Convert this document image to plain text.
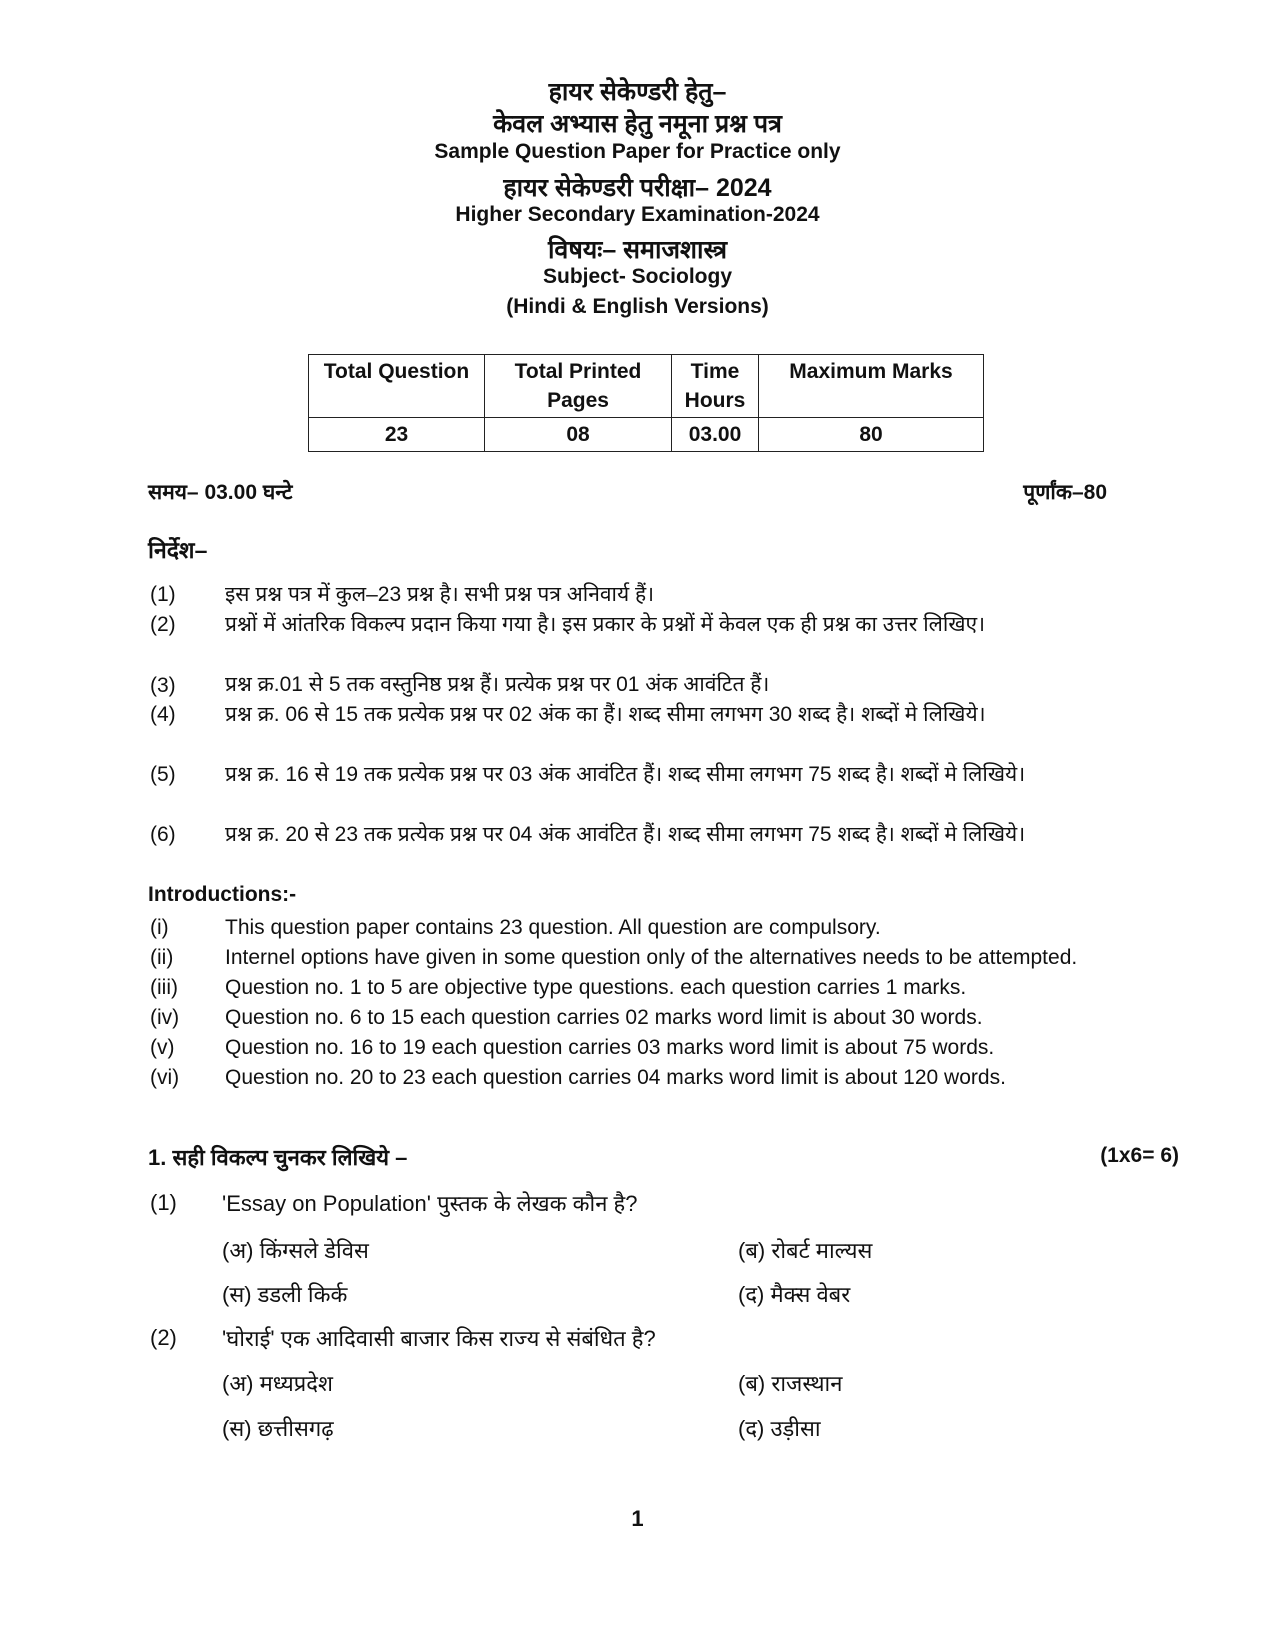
हायर सेकेण्डरी हेतु–
केवल अभ्यास हेतु नमूना प्रश्न पत्र
Sample Question Paper for Practice only
हायर सेकेण्डरी परीक्षा– 2024
Higher Secondary Examination-2024
विषयः– समाजशास्त्र
Subject- Sociology
(Hindi & English Versions)
Total Question	Total Printed Pages	Time Hours	Maximum Marks
23	08	03.00	80
समय– 03.00 घन्टे	पूर्णांक–80
निर्देश–
(1) इस प्रश्न पत्र में कुल–23 प्रश्न है। सभी प्रश्न पत्र अनिवार्य हैं।
(2) प्रश्नों में आंतरिक विकल्प प्रदान किया गया है। इस प्रकार के प्रश्नों में केवल एक ही प्रश्न का उत्तर लिखिए।
(3) प्रश्न क्र.01 से 5 तक वस्तुनिष्ठ प्रश्न हैं। प्रत्येक प्रश्न पर 01 अंक आवंटित हैं।
(4) प्रश्न क्र. 06 से 15 तक प्रत्येक प्रश्न पर 02 अंक का हैं। शब्द सीमा लगभग 30 शब्द है। शब्दों मे लिखिये।
(5) प्रश्न क्र. 16 से 19 तक प्रत्येक प्रश्न पर 03 अंक आवंटित हैं। शब्द सीमा लगभग 75 शब्द है। शब्दों मे लिखिये।
(6) प्रश्न क्र. 20 से 23 तक प्रत्येक प्रश्न पर 04 अंक आवंटित हैं। शब्द सीमा लगभग 75 शब्द है। शब्दों मे लिखिये।
Introductions:-
(i)	This question paper contains 23 question. All question are compulsory.
(ii) Internel options have given in some question only of the alternatives needs to be attempted.
(iii) Question no. 1 to 5 are objective type questions. each question carries 1 marks.
(iv) Question no. 6 to 15 each question carries 02 marks word limit is about 30 words.
(v) Question no. 16 to 19 each question carries 03 marks word limit is about 75 words.
(vi) Question no. 20 to 23 each question carries 04 marks word limit is about 120 words.
1. सही विकल्प चुनकर लिखिये –	(1x6= 6)
(1) 'Essay on Population' पुस्तक के लेखक कौन है?
(अ) किंग्सले डेविस	(ब) रोबर्ट माल्यस
(स) डडली किर्क	(द) मैक्स वेबर
(2) 'घोराई' एक आदिवासी बाजार किस राज्य से संबंधित है?
(अ) मध्यप्रदेश	(ब) राजस्थान
(स) छत्तीसगढ़	(द) उड़ीसा
1
